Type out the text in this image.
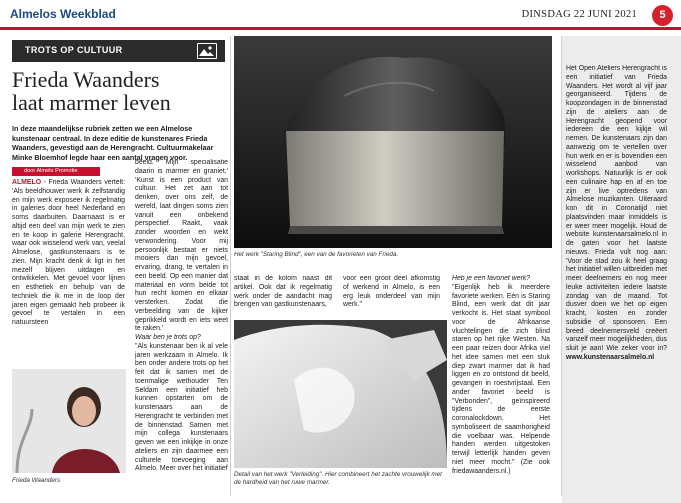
Almelos Weekblad	DINSDAG 22 JUNI 2021	5
TROTS OP CULTUUR
Frieda Waanders
laat marmer leven
In deze maandelijkse rubriek zetten we een Almelose kunstenaar centraal. In deze editie de kunstenares Frieda Waanders, gevestigd aan de Herengracht. Cultuurmakelaar Minke Bloemhof legde haar een aantal vragen voor.
door Almelo Promotie
ALMELO - Frieda Waanders vertelt: 'Als beeldhouwer werk ik zelfstandig en mijn werk exposeer ik regelmatig in galeries door heel Nederland en soms daarbuiten. Daarnaast is er altijd een deel van mijn werk te zien en te koop in galerie Herengracht, waar ook wisselend werk van, veelal Almelose, gastkunstenaars is te zien. Mijn kracht denk ik ligt in het mezelf blijven uitdagen en ontwikkelen. Met gevoel voor lijnen en esthetiek en behulp van de techniek die ik me in de loop der jaren eigen gemaakt heb probeer ik gevoel te vertalen in een natuursteen
beeld. Mijn specialisatie daarin is marmer en graniet.' 'Kunst is een product van cultuur. Het zet aan tot denken, over ons zelf, de wereld, laat dingen soms zien vanuit een onbekend perspectief. Raakt, vaak zonder woorden en wekt verwondering. Voor mij persoonlijk bestaat er niets mooiers dan mijn gevoel, ervaring, drang, te vertalen in een beeld. Op een manier dat materiaal en vorm beide tot hun recht komen en elkaar versterken. Zodat die verbeelding van de kijker geprikkeld wordt en iets weet te raken.'
Waar ben je trots op?
"Als kunstenaar ben ik al vele jaren werkzaam in Almelo. Ik ben onder andere trots op het feit dat ik samen met de toenmalige wethouder Ten Seldam een initiatief heb kunnen opstarten om de kunstenaars aan de Herengracht te verbinden met de binnenstad. Samen met mijn collega kunstenaars geven we een inkijkje in onze ateliers en zijn daarmee een culturele toevoeging aan Almelo. Meer over het initiatief
Het werk "Staring Blind", een van de favorieten van Frieda.
staat in de kolom naast dit artikel. Ook dat ik regelmatig werk onder de aandacht mag brengen van gastkunstenaars,
voor een groot deel afkomstig of werkend in Almelo, is een erg leuk onderdeel van mijn werk."
Detail van het werk "Verleiding". Hier combineert het zachte vrouwelijk met de hardheid van het ruwe marmer.
Heb je een favoriet werk?
"Eigenlijk heb ik meerdere favoriete werken. Eén is Staring Blind, een werk dat dit jaar verkocht is. Het staat symbool voor de Afrikaanse vluchtelingen die zich blind staren op het rijke Westen. Na een paar reizen door Afrika viel het idee samen met een stuk diep zwart marmer dat ik had liggen en zo ontstond dit beeld, gevangen in roestvrijstaal. Een ander favoriet beeld is "Verbonden", geïnspireerd tijdens de eerste coronalockdown. Het symboliseert de saamhorigheid die voelbaar was. Helpende handen werden uitgestoken terwijl letterlijk handen geven niet meer mocht." (Zie ook friedawaanders.nl.)
Frieda Waanders
Het Open Ateliers Herengracht is een initiatief van Frieda Waanders. Het wordt al vijf jaar georganiseerd. Tijdens de koopzondagen in de binnenstad zijn de ateliers aan de Herengracht geopend voor iedereen die een kijkje wil nemen. De kunstenaars zijn dan aanwezig om te vertellen over hun werk en er is bovendien een wisselend aanbod van workshops. Natuurlijk is er ook een culinaire hap en af en toe zijn er live optredens van Almelose muzikanten. Uiteraard kon dit in Coronatijd niet plaatsvinden maar inmiddels is er weer meer mogelijk. Houd de website kunstenaarsalmelo.nl in de gaten voor het laatste nieuws. Frieda vult nog aan: 'Voor de stad zou ik heel graag het initiatief willen uitbreiden met meer deelnemers en nog meer leuke activiteiten iedere laatste zondag van de maand. Tot dusver doen we het op eigen kracht, kosten en zonder subsidie of sponsoren. Een breed deelnemersveld creëert vanzelf meer mogelijkheden, dus sluit je aan! Wie zeker voor in? www.kunstenaarsalmelo.nl
